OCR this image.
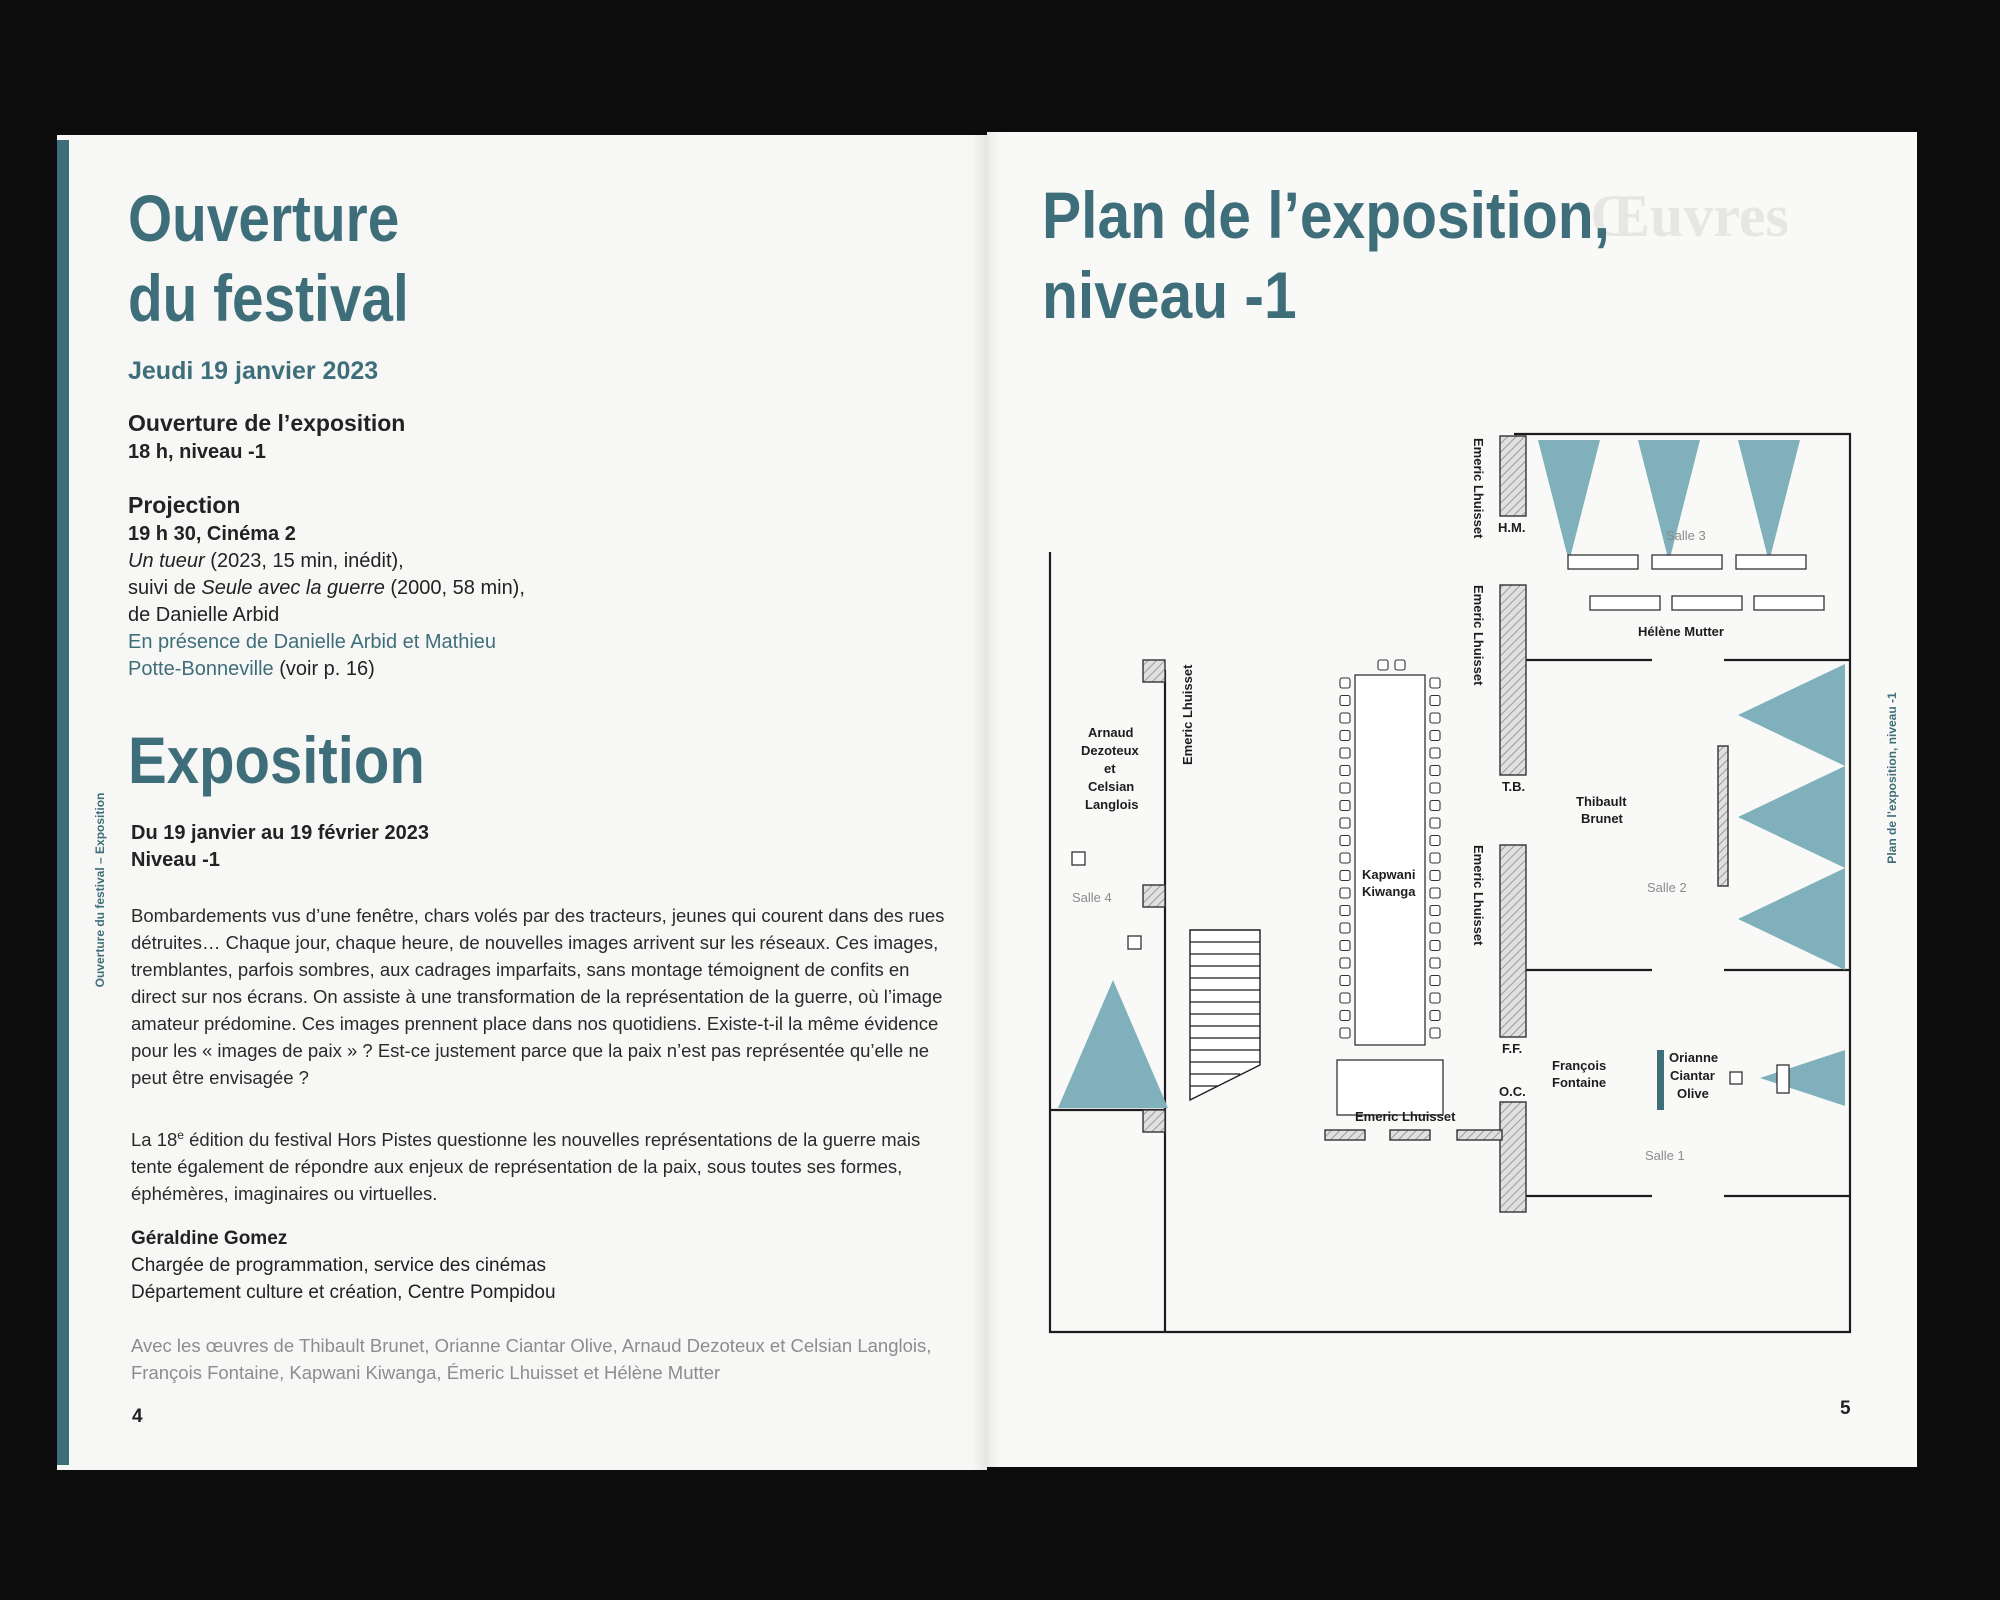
Ouverture
du festival
Jeudi 19 janvier 2023
Ouverture de l’exposition
18 h, niveau -1
Projection
19 h 30, Cinéma 2
Un tueur (2023, 15 min, inédit),
suivi de Seule avec la guerre (2000, 58 min),
de Danielle Arbid
En présence de Danielle Arbid et Mathieu
Potte-Bonneville (voir p. 16)
Exposition
Du 19 janvier au 19 février 2023
Niveau -1

Bombardements vus d’une fenêtre, chars volés par des tracteurs, jeunes qui courent dans des rues détruites… Chaque jour, chaque heure, de nouvelles images arrivent sur les réseaux. Ces images, tremblantes, parfois sombres, aux cadrages imparfaits, sans montage témoignent de confits en direct sur nos écrans. On assiste à une transformation de la représentation de la guerre, où l’image amateur prédomine. Ces images prennent place dans nos quotidiens. Existe-t-il la même évidence pour les « images de paix » ? Est-ce justement parce que la paix n’est pas représentée qu’elle ne peut être envisagée ?

La 18e édition du festival Hors Pistes questionne les nouvelles représentations de la guerre mais tente également de répondre aux enjeux de représentation de la paix, sous toutes ses formes, éphémères, imaginaires ou virtuelles.

Géraldine Gomez
Chargée de programmation, service des cinémas
Département culture et création, Centre Pompidou
Avec les œuvres de Thibault Brunet, Orianne Ciantar Olive, Arnaud Dezoteux et Celsian Langlois,
François Fontaine, Kapwani Kiwanga, Émeric Lhuisset et Hélène Mutter
4
Ouverture du festival – Exposition
Œuvres
Plan de l’exposition,
niveau -1
5
Plan de l’exposition, niveau -1
Emeric Lhuisset
Emeric Lhuisset
Emeric Lhuisset
Emeric Lhuisset
Emeric Lhuisset
H.M.
T.B.
F.F.
O.C.
Hélène Mutter
Thibault
Brunet
François
Fontaine
Orianne
Ciantar
Olive
Kapwani
Kiwanga
Arnaud
Dezoteux
et
Celsian
Langlois
Salle 1
Salle 2
Salle 3
Salle 4
